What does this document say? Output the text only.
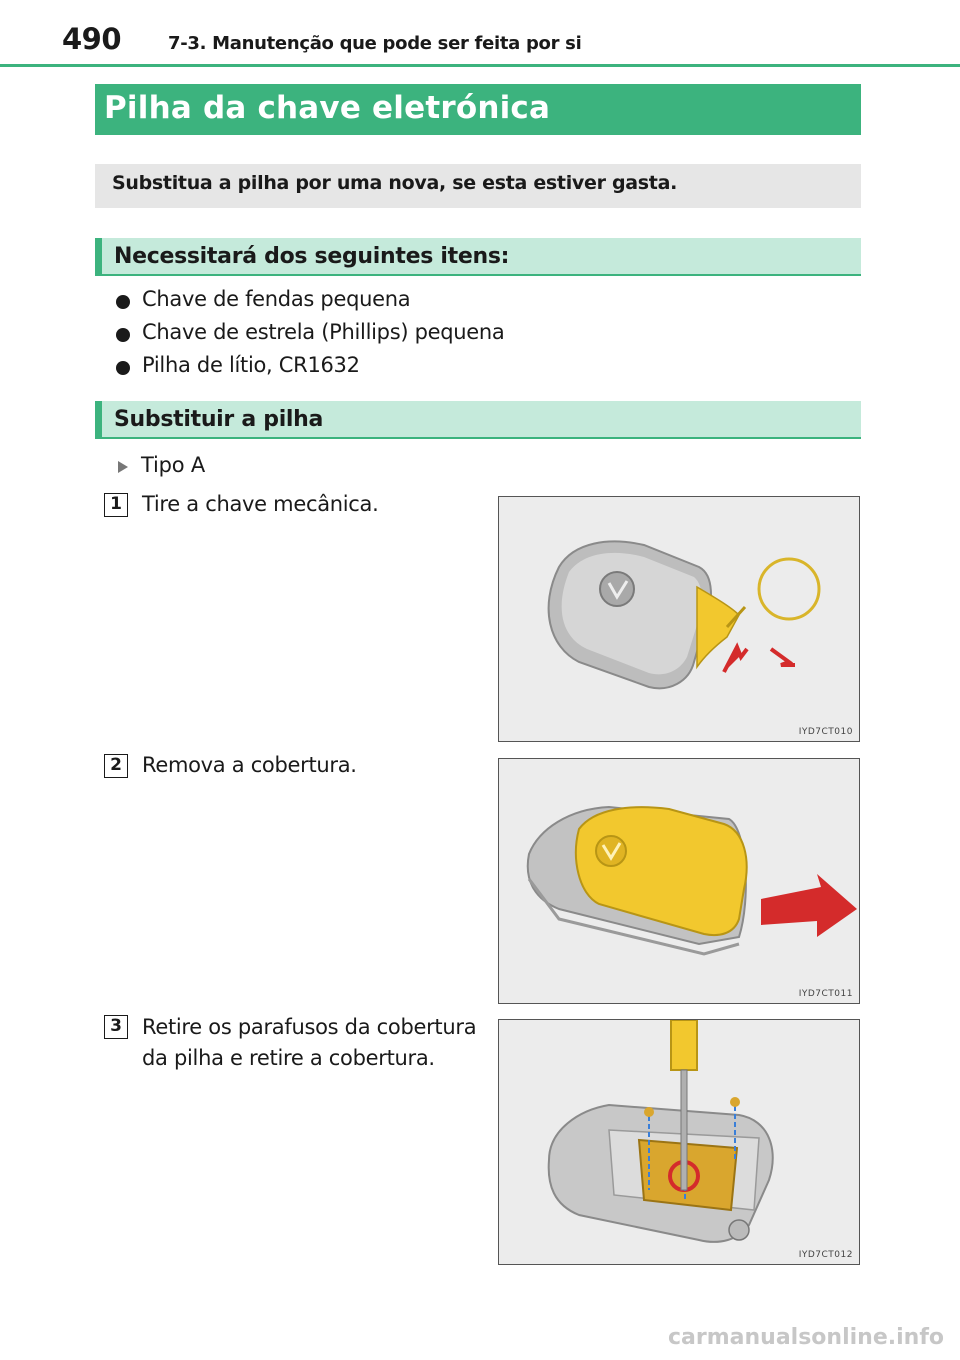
490	7-3. Manutenção que pode ser feita por si
Pilha da chave eletrónica
Substitua a pilha por uma nova, se esta estiver gasta.
Necessitará dos seguintes itens:
Chave de fendas pequena
Chave de estrela (Phillips) pequena
Pilha de lítio, CR1632
Substituir a pilha
Tipo A
1 Tire a chave mecânica.
IYD7CT010
2 Remova a cobertura.
IYD7CT011
3 Retire os parafusos da cobertura da pilha e retire a cobertura.
IYD7CT012
carmanualsonline.info
